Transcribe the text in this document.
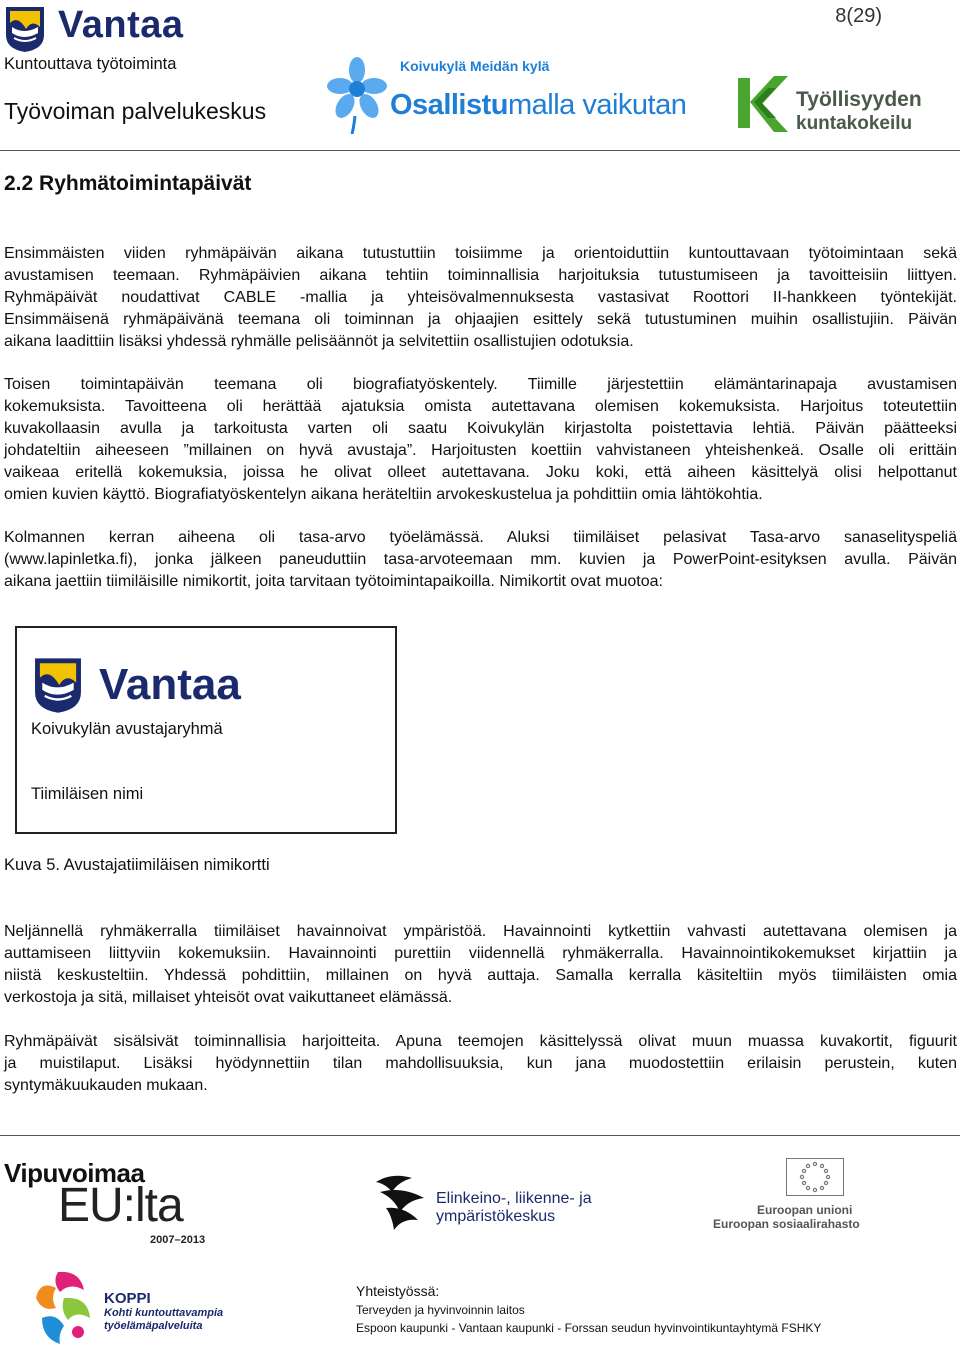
8(29)
Vantaa
Kuntouttava työtoiminta
Työvoiman palvelukeskus
Koivukylä Meidän kylä
Osallistumalla vaikutan	Työllisyyden
kuntakokeilu
2.2 Ryhmätoimintapäivät
Ensimmäisten viiden ryhmäpäivän aikana tutustuttiin toisiimme ja orientoiduttiin kuntouttavaan työtoimintaan sekä
avustamisen teemaan. Ryhmäpäivien aikana tehtiin toiminnallisia harjoituksia tutustumiseen ja tavoitteisiin liittyen.
Ryhmäpäivät noudattivat CABLE -mallia ja yhteisövalmennuksesta vastasivat Roottori II-hankkeen työntekijät.
Ensimmäisenä ryhmäpäivänä teemana oli toiminnan ja ohjaajien esittely sekä tutustuminen muihin osallistujiin. Päivän
aikana laadittiin lisäksi yhdessä ryhmälle pelisäännöt ja selvitettiin osallistujien odotuksia.
Toisen toimintapäivän teemana oli biografiatyöskentely. Tiimille järjestettiin elämäntarinapaja avustamisen
kokemuksista. Tavoitteena oli herättää ajatuksia omista autettavana olemisen kokemuksista. Harjoitus toteutettiin
kuvakollaasin avulla ja tarkoitusta varten oli saatu Koivukylän kirjastolta poistettavia lehtiä. Päivän päätteeksi
johdateltiin aiheeseen ”millainen on hyvä avustaja”. Harjoitusten koettiin vahvistaneen yhteishenkeä. Osalle oli erittäin
vaikeaa eritellä kokemuksia, joissa he olivat olleet autettavana. Joku koki, että aiheen käsittelyä olisi helpottanut
omien kuvien käyttö. Biografiatyöskentelyn aikana heräteltiin arvokeskustelua ja pohdittiin omia lähtökohtia.
Kolmannen kerran aiheena oli tasa-arvo työelämässä. Aluksi tiimiläiset pelasivat Tasa-arvo sanaselityspeliä
(www.lapinletka.fi), jonka jälkeen paneuduttiin tasa-arvoteemaan mm. kuvien ja PowerPoint-esityksen avulla. Päivän
aikana jaettiin tiimiläisille nimikortit, joita tarvitaan työtoimintapaikoilla. Nimikortit ovat muotoa:
Vantaa
Koivukylän avustajaryhmä
Tiimiläisen nimi
Kuva 5. Avustajatiimiläisen nimikortti
Neljännellä ryhmäkerralla tiimiläiset havainnoivat ympäristöä. Havainnointi kytkettiin vahvasti autettavana olemisen ja
auttamiseen liittyviin kokemuksiin. Havainnointi purettiin viidennellä ryhmäkerralla. Havainnointikokemukset kirjattiin ja
niistä keskusteltiin. Yhdessä pohdittiin, millainen on hyvä auttaja. Samalla kerralla käsiteltiin myös tiimiläisten omia
verkostoja ja sitä, millaiset yhteisöt ovat vaikuttaneet elämässä.
Ryhmäpäivät sisälsivät toiminnallisia harjoitteita. Apuna teemojen käsittelyssä olivat muun muassa kuvakortit, figuurit
ja muistilaput. Lisäksi hyödynnettiin tilan mahdollisuuksia, kun jana muodostettiin erilaisin perustein, kuten
syntymäkuukauden mukaan.
Vipuvoimaa
EU:lta
2007–2013
Elinkeino-, liikenne- ja
ympäristökeskus	Euroopan unioni
Euroopan sosiaalirahasto
KOPPI
Kohti kuntouttavampia
työelämäpalveluita
Yhteistyössä:
Terveyden ja hyvinvoinnin laitos
Espoon kaupunki - Vantaan kaupunki - Forssan seudun hyvinvointikuntayhtymä FSHKY
